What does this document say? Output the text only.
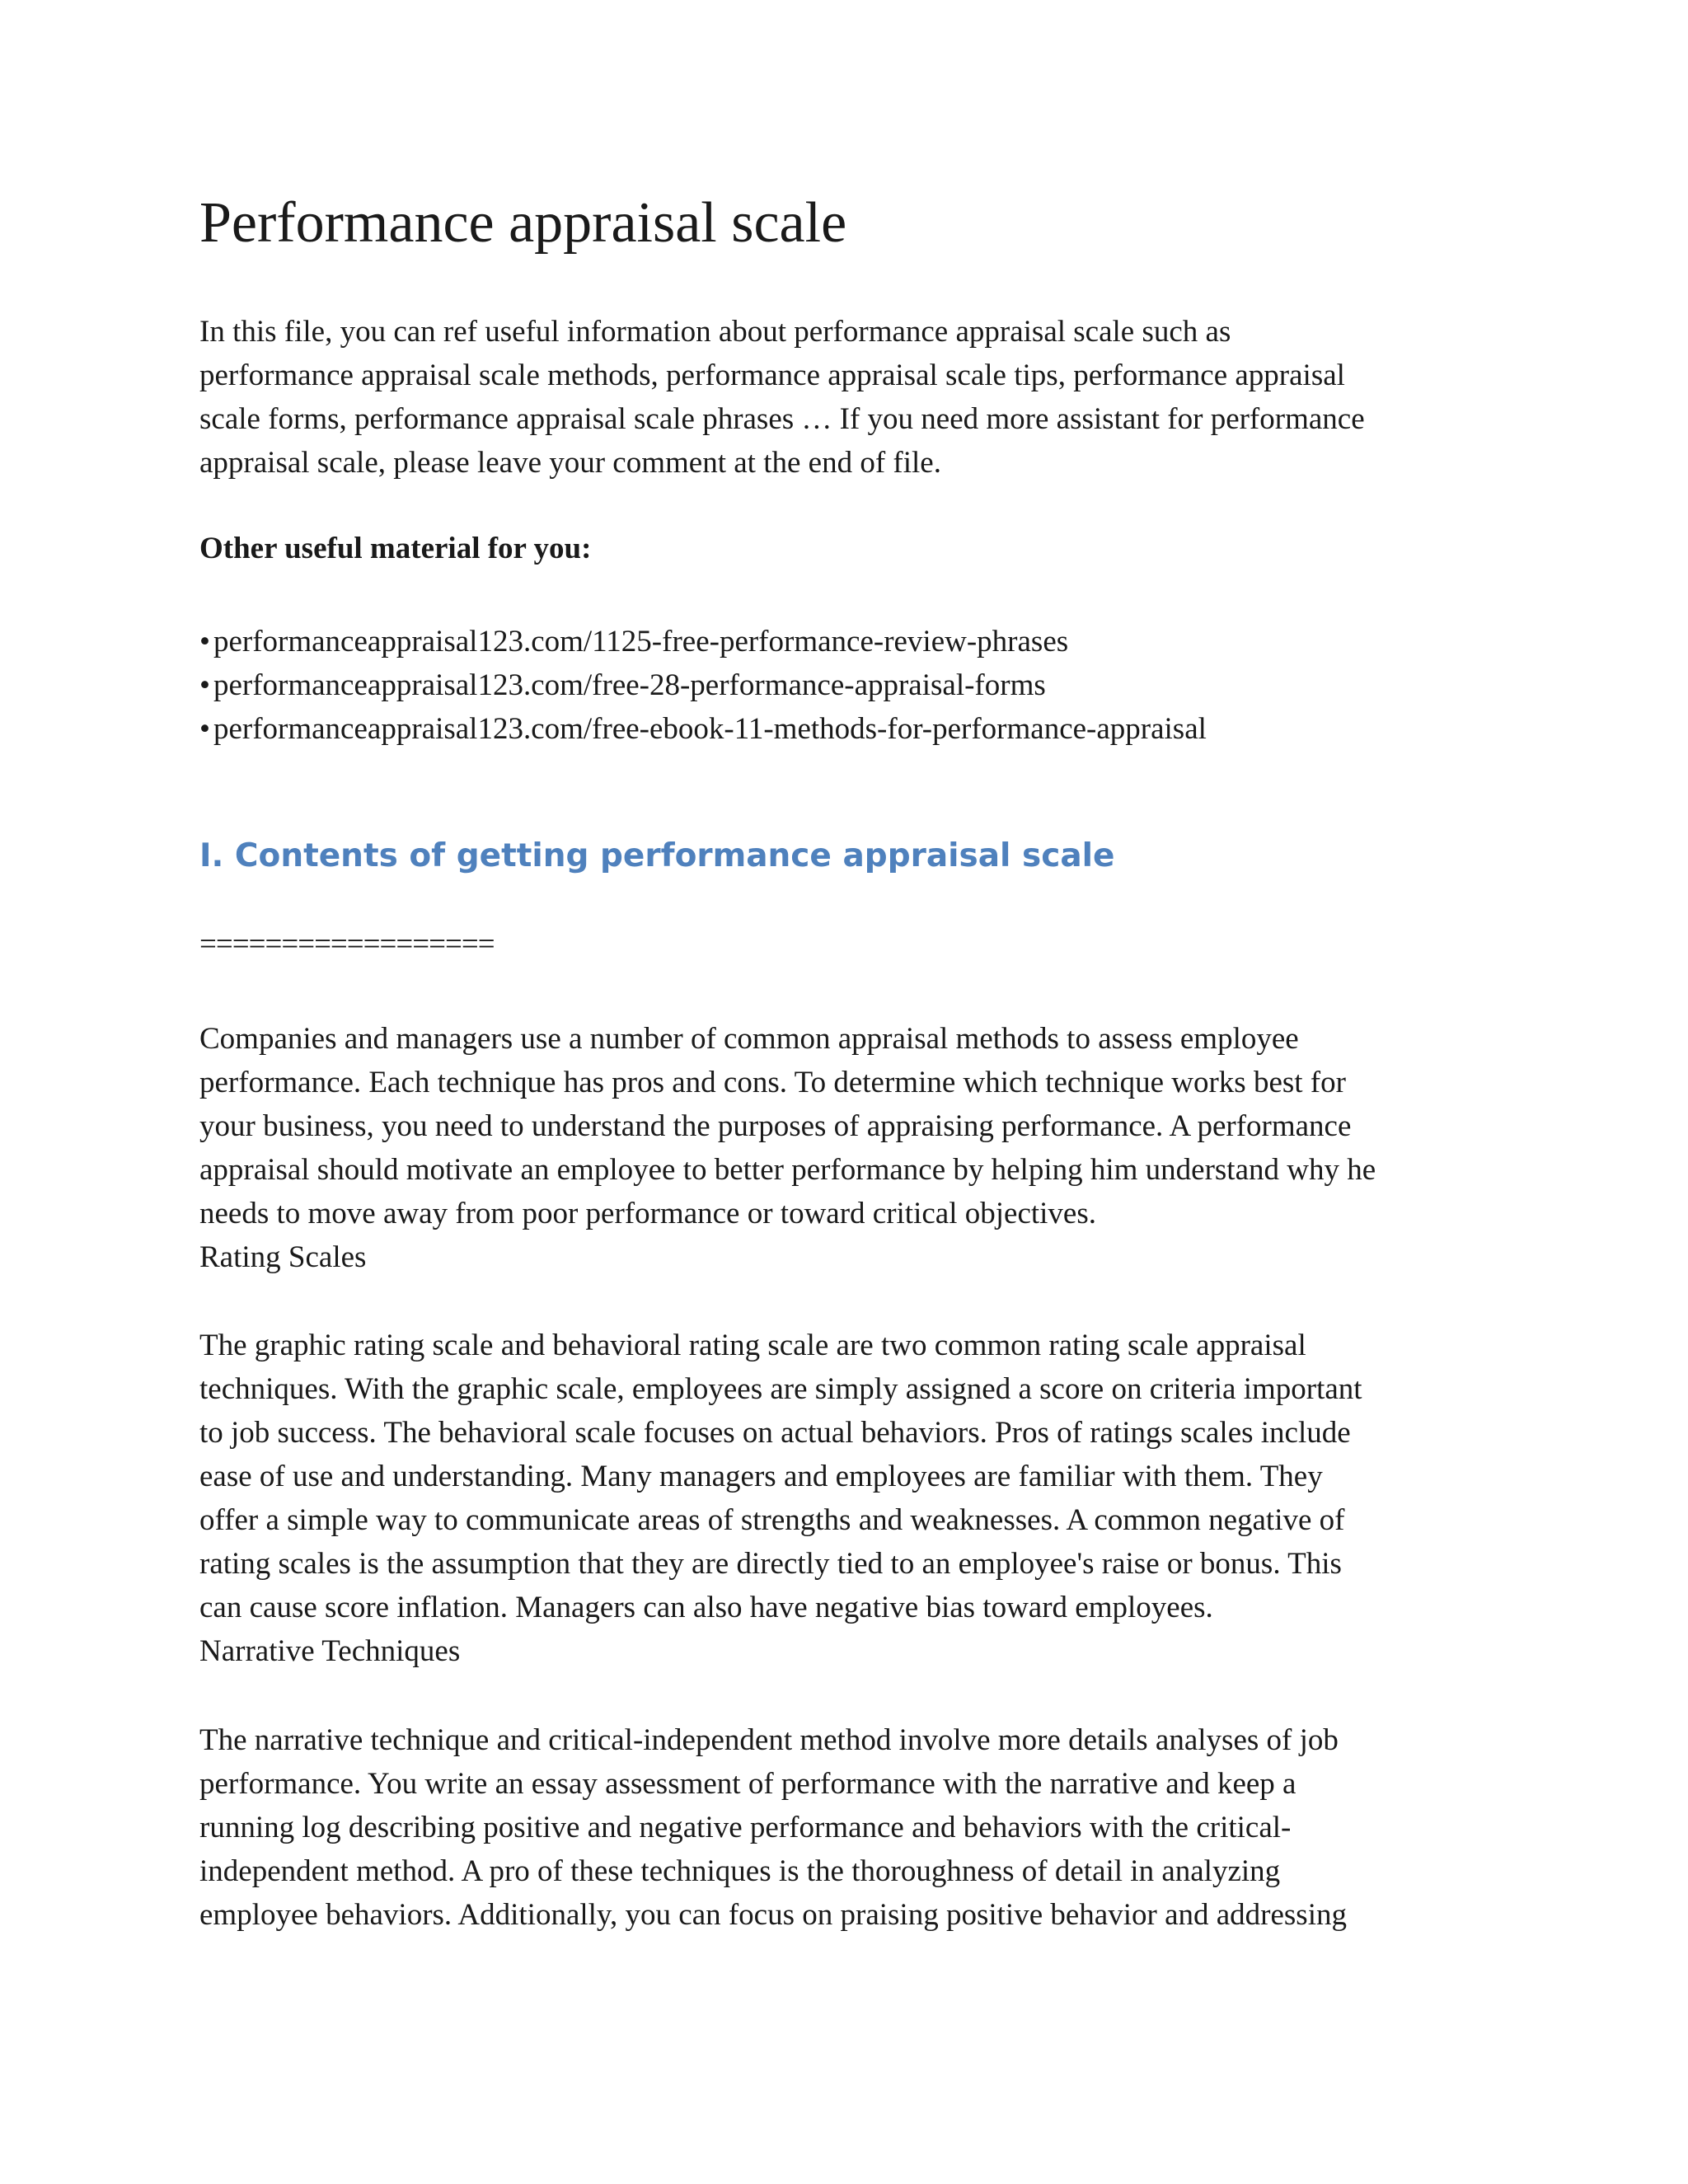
Performance appraisal scale

In this file, you can ref useful information about performance appraisal scale such as
performance appraisal scale methods, performance appraisal scale tips, performance appraisal
scale forms, performance appraisal scale phrases … If you need more assistant for performance
appraisal scale, please leave your comment at the end of file.

Other useful material for you:

• performanceappraisal123.com/1125-free-performance-review-phrases
• performanceappraisal123.com/free-28-performance-appraisal-forms
• performanceappraisal123.com/free-ebook-11-methods-for-performance-appraisal
I. Contents of getting performance appraisal scale

==================

Companies and managers use a number of common appraisal methods to assess employee
performance. Each technique has pros and cons. To determine which technique works best for
your business, you need to understand the purposes of appraising performance. A performance
appraisal should motivate an employee to better performance by helping him understand why he
needs to move away from poor performance or toward critical objectives.
Rating Scales

The graphic rating scale and behavioral rating scale are two common rating scale appraisal
techniques. With the graphic scale, employees are simply assigned a score on criteria important
to job success. The behavioral scale focuses on actual behaviors. Pros of ratings scales include
ease of use and understanding. Many managers and employees are familiar with them. They
offer a simple way to communicate areas of strengths and weaknesses. A common negative of
rating scales is the assumption that they are directly tied to an employee's raise or bonus. This
can cause score inflation. Managers can also have negative bias toward employees.
Narrative Techniques

The narrative technique and critical-independent method involve more details analyses of job
performance. You write an essay assessment of performance with the narrative and keep a
running log describing positive and negative performance and behaviors with the critical-
independent method. A pro of these techniques is the thoroughness of detail in analyzing
employee behaviors. Additionally, you can focus on praising positive behavior and addressing
